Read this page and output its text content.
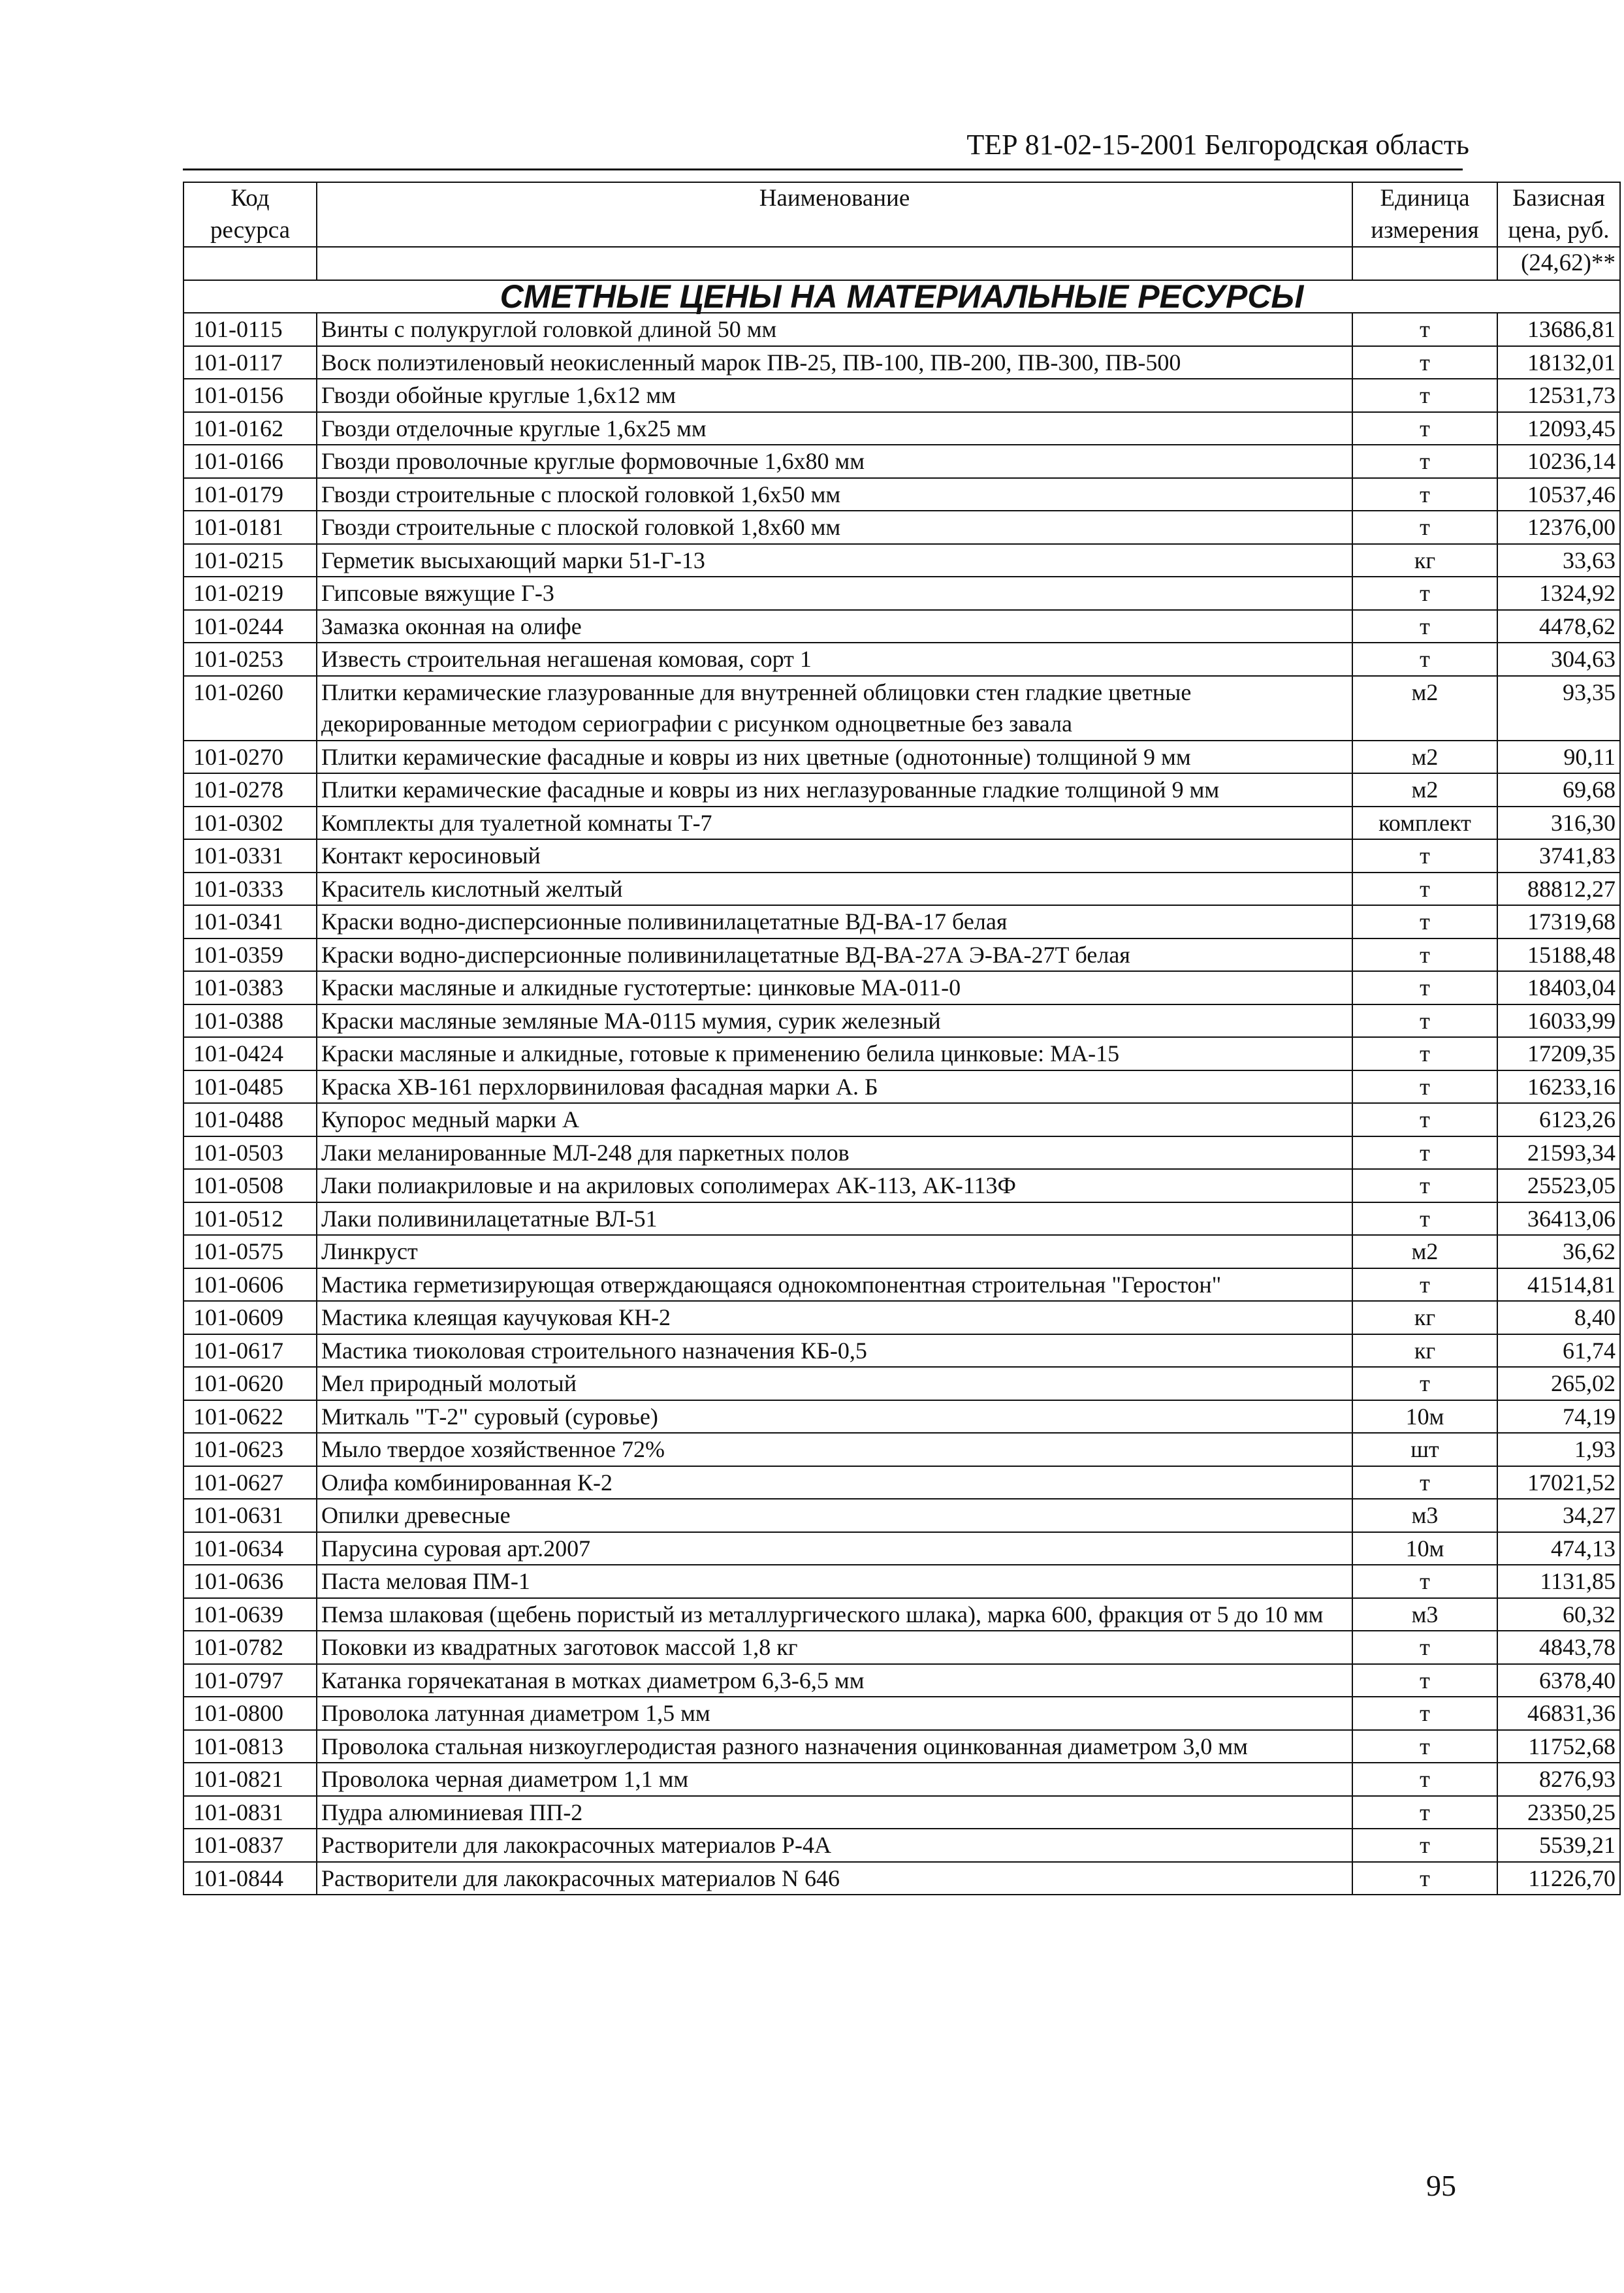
ТЕР 81-02-15-2001 Белгородская область
Код ресурса	Наименование	Единица измерения	Базисная цена, руб.
			(24,62)**
СМЕТНЫЕ ЦЕНЫ НА МАТЕРИАЛЬНЫЕ РЕСУРСЫ			
101-0115	Винты с полукруглой головкой длиной 50 мм	т	13686,81
101-0117	Воск полиэтиленовый неокисленный марок ПВ-25, ПВ-100, ПВ-200, ПВ-300, ПВ-500	т	18132,01
101-0156	Гвозди обойные круглые 1,6х12 мм	т	12531,73
101-0162	Гвозди отделочные круглые 1,6х25 мм	т	12093,45
101-0166	Гвозди проволочные круглые формовочные 1,6х80 мм	т	10236,14
101-0179	Гвозди строительные с плоской головкой 1,6х50 мм	т	10537,46
101-0181	Гвозди строительные с плоской головкой 1,8х60 мм	т	12376,00
101-0215	Герметик высыхающий марки 51-Г-13	кг	33,63
101-0219	Гипсовые вяжущие Г-3	т	1324,92
101-0244	Замазка оконная на олифе	т	4478,62
101-0253	Известь строительная негашеная комовая, сорт 1	т	304,63
101-0260	Плитки керамические глазурованные для внутренней облицовки стен гладкие цветные декорированные методом сериографии с рисунком одноцветные без завала	м2	93,35
101-0270	Плитки керамические фасадные и ковры из них цветные (однотонные) толщиной 9 мм	м2	90,11
101-0278	Плитки керамические фасадные и ковры из них неглазурованные гладкие толщиной 9 мм	м2	69,68
101-0302	Комплекты для туалетной комнаты Т-7	комплект	316,30
101-0331	Контакт керосиновый	т	3741,83
101-0333	Краситель кислотный желтый	т	88812,27
101-0341	Краски водно-дисперсионные поливинилацетатные ВД-ВА-17 белая	т	17319,68
101-0359	Краски водно-дисперсионные поливинилацетатные ВД-ВА-27А Э-ВА-27Т белая	т	15188,48
101-0383	Краски масляные и алкидные густотертые: цинковые МА-011-0	т	18403,04
101-0388	Краски масляные земляные МА-0115 мумия, сурик железный	т	16033,99
101-0424	Краски масляные и алкидные, готовые к применению белила цинковые: МА-15	т	17209,35
101-0485	Краска ХВ-161 перхлорвиниловая фасадная марки А. Б	т	16233,16
101-0488	Купорос медный марки А	т	6123,26
101-0503	Лаки меланированные МЛ-248 для паркетных полов	т	21593,34
101-0508	Лаки полиакриловые и на акриловых сополимерах АК-113, АК-113Ф	т	25523,05
101-0512	Лаки поливинилацетатные ВЛ-51	т	36413,06
101-0575	Линкруст	м2	36,62
101-0606	Мастика герметизирующая отверждающаяся однокомпонентная строительная "Героcтон"	т	41514,81
101-0609	Мастика клеящая каучуковая КН-2	кг	8,40
101-0617	Мастика тиоколовая строительного назначения КБ-0,5	кг	61,74
101-0620	Мел природный молотый	т	265,02
101-0622	Миткаль "Т-2" суровый (суровье)	10м	74,19
101-0623	Мыло твердое хозяйственное 72%	шт	1,93
101-0627	Олифа комбинированная К-2	т	17021,52
101-0631	Опилки древесные	м3	34,27
101-0634	Парусина суровая арт.2007	10м	474,13
101-0636	Паста меловая ПМ-1	т	1131,85
101-0639	Пемза шлаковая (щебень пористый из металлургического шлака), марка 600, фракция от 5 до 10 мм	м3	60,32
101-0782	Поковки из квадратных заготовок массой 1,8 кг	т	4843,78
101-0797	Катанка горячекатаная в мотках диаметром 6,3-6,5 мм	т	6378,40
101-0800	Проволока латунная диаметром 1,5 мм	т	46831,36
101-0813	Проволока стальная низкоуглеродистая разного назначения оцинкованная диаметром 3,0 мм	т	11752,68
101-0821	Проволока черная диаметром 1,1 мм	т	8276,93
101-0831	Пудра алюминиевая ПП-2	т	23350,25
101-0837	Растворители для лакокрасочных материалов Р-4А	т	5539,21
101-0844	Растворители для лакокрасочных материалов N 646	т	11226,70
95
